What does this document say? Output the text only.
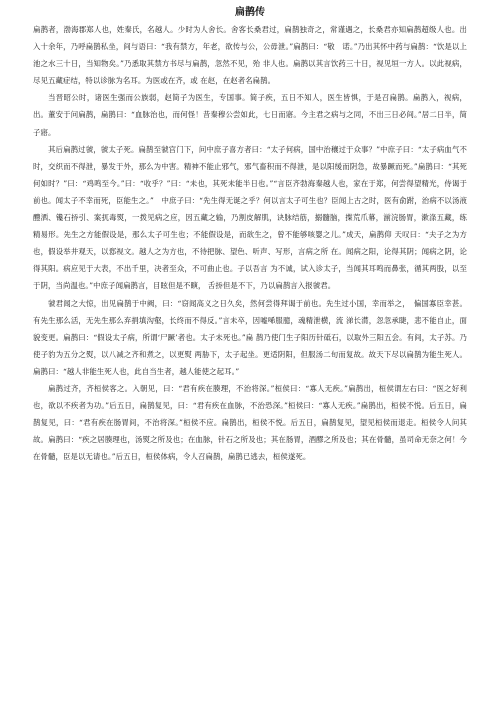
扁鹊传

扁鹊者，渤海郡郑人也，姓秦氏，名越人。少时为人舍长。舍客长桑君过，扁鹊独奇之，常谨遇之，长桑君亦知扁鹊超级人也。出入十余年，乃呼扁鹊私坐，间与语曰：“我有禁方，年老，欲传与公，公毋泄。”扁鹊曰：“敬　诺。”乃出其怀中药与扁鹊：“饮是以上池之水三十日，当知物矣。”乃悉取其禁方书尽与扁鹊，忽然不见，殆 非人也。扁鹊以其言饮药三十日，视见垣一方人。以此视病，尽见五藏症结，特以诊脉为名耳。为医或在齐，或 在赵，在赵者名扁鹊。

当晋昭公时，诸医生强而公族弱，赵简子为医生，专国事。简子疾，五日不知人，医生皆惧，于是召扁鹊。扁鹊入，视病，出。董安于问扁鹊，扁鹊曰：“血脉治也，而何怪！昔秦穆公尝如此，七日而寤。今主君之病与之同，不出三日必间。”居二日半，简子寤。

其后扁鹊过虢，虢太子死。扁鹊至虢宫门下，问中庶子喜方者曰：“太子何病，国中治穰过于众事？”中庶子曰：“太子病血气不时，交织而不得泄，暴发于外，那么为中害。精神不能止邪气，邪气畜积而不得泄，是以阳缓而阴急，故暴蹶而死。”扁鹊曰：“其死何如时？”曰：“鸡鸣至今。”曰：“收乎？”曰：“未也，其死未能半日也。”“言臣齐勃海秦越人也，家在于郑，何尝得望精光，侍谒于前也。闻太子不幸而死，臣能生之。”　中庶子曰：“先生得无诞之乎？何以言太子可生也？臣闻上古之时，医有俞跗，治病不以汤液醴洒、镵石挢引、案扤毒熨，一拨见病之应，因五藏之输，乃割皮解肌，诀脉结筋，搦髓脑，揲荒爪幕，湔浣肠胃，漱涤五藏，练 精易形。先生之方能假设是，那么太子可生也；不能假设是，而欲生之，曾不能够咳婴之儿。”成天，扁鹊仰 天叹曰：“夫子之为方也，假设举井观天，以郄视文。越人之为方也，不待把脉、望色、听声、写形，言病之所 在。闻病之阳，论得其阴；闻病之阴，论得其阳。病应见于大表，不出千里，决者至众，不可曲止也。子以吾言 为不诚，试入诊太子，当闻其耳鸣而鼻张，循其两股，以至于阴，当尚温也。”中庶子闻扁鹊言，目眩但是不瞚， 舌挢但是不下，乃以扁鹊言入报虢君。

虢君闻之大惊，出见扁鹊于中阙，曰：“窃闻高义之日久矣，然何尝得拜谒于前也。先生过小国，幸而举之，　偏国寡臣幸甚。有先生那么活，无先生那么弃捐填沟壑，长终而不得反。”言未卒，因嘘唏服臆，魂精泄横，流 涕长潸，忽忽承睫，悲不能自止，面貌变更。扁鹊曰：“假设太子病，所谓‘尸蹶’者也。太子未死也。”扁 鹊乃使门生子阳历针砥石，以取外三阳五会。有间，太子苏。乃使子豹为五分之熨，以八减之齐和煮之，以更熨 两胁下，太子起坐。更适阴阳，但服汤二旬而复故。故天下尽以扁鹊为能生死人。扁鹊曰：“越人非能生死人也，此自当生者，越人能使之起耳。”

扁鹊过齐，齐桓侯客之。入朝见，曰：“君有疾在腠理，不治将深。”桓侯曰：“寡人无疾。”扁鹊出，桓侯谓左右曰：“医之好利也，欲以不疾者为功。”后五日，扁鹊复见，曰：“君有疾在血脉，不治恐深。”桓侯曰：“寡人无疾。”扁鹊出，桓侯不悦。后五日，扁鹊复见，曰：“君有疾在肠胃间，不治将深。”桓侯不应。扁鹊出，桓侯不悦。后五日，扁鹊复见，望见桓侯而退走。桓侯令人问其故。扁鹊曰：“疾之居腠理也，汤熨之所及也；在血脉，针石之所及也；其在肠胃，酒醪之所及也；其在骨髓，虽司命无奈之何！今在骨髓，臣是以无请也。”后五日，桓侯体病，令人召扁鹊，扁鹊已逃去，桓侯遂死。
